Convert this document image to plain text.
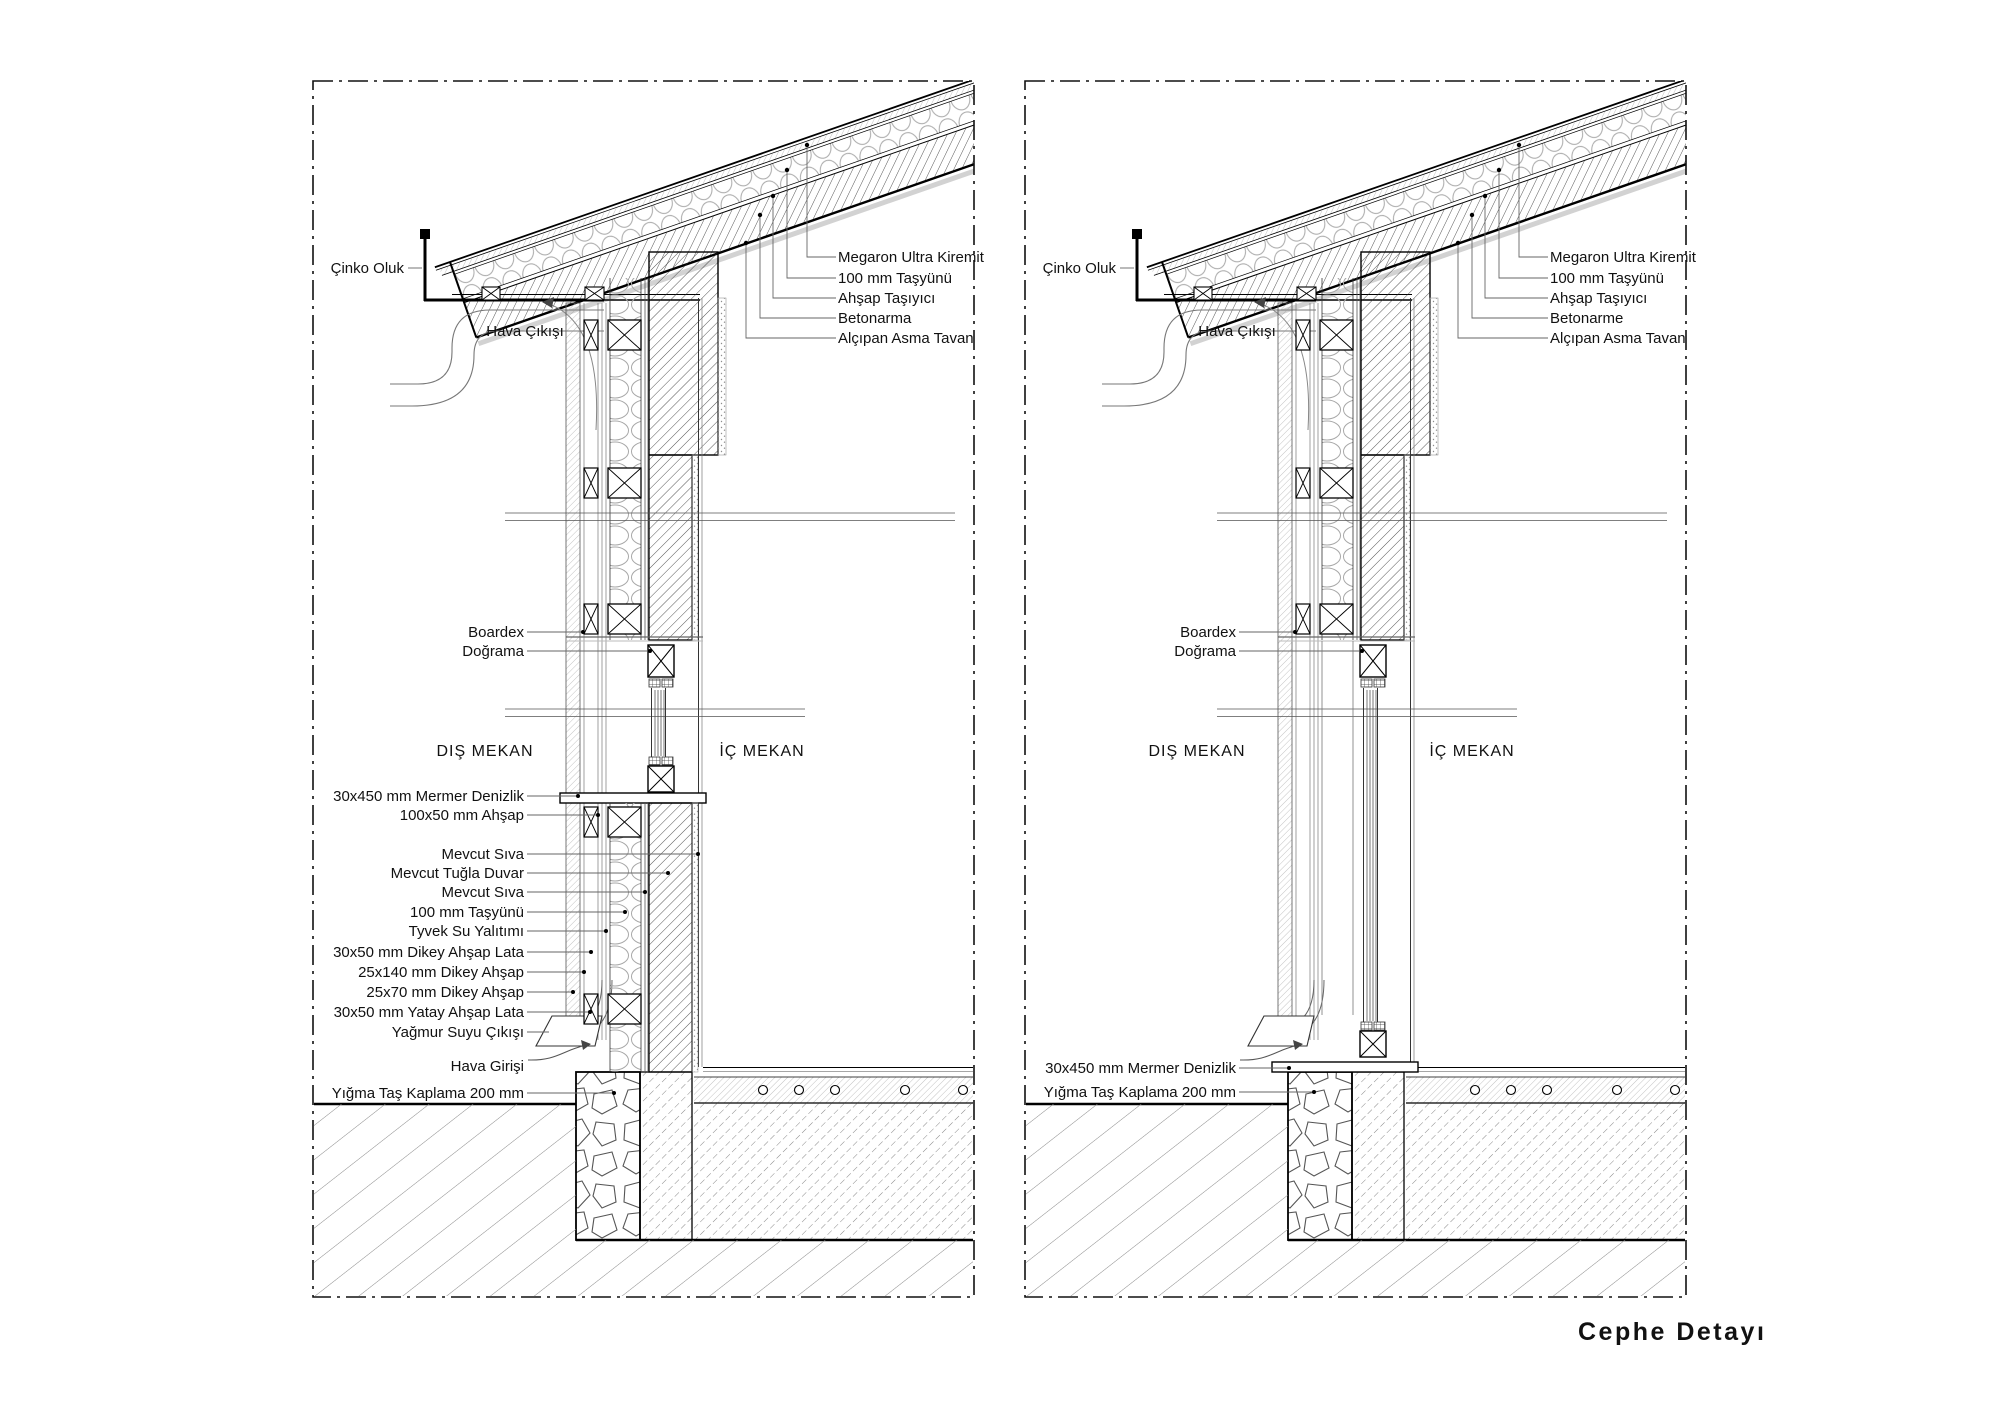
Çinko Oluk
Hava Çıkışı
Megaron Ultra Kiremit
100 mm Taşyünü
Ahşap Taşıyıcı
Betonarma
Alçıpan Asma Tavan
Boardex
Doğrama
DIŞ MEKAN	İÇ MEKAN
30x450 mm Mermer Denizlik
100x50 mm Ahşap
Mevcut Sıva
Mevcut Tuğla Duvar
Mevcut Sıva
100 mm Taşyünü
Tyvek Su Yalıtımı
30x50 mm Dikey Ahşap Lata
25x140 mm Dikey Ahşap
25x70 mm Dikey Ahşap
30x50 mm Yatay Ahşap Lata
Yağmur Suyu Çıkışı
Hava Girişi
Yığma Taş Kaplama 200 mm
Çinko Oluk
Hava Çıkışı
Megaron Ultra Kiremit
100 mm Taşyünü
Ahşap Taşıyıcı
Betonarme
Alçıpan Asma Tavan
Boardex
Doğrama
DIŞ MEKAN	İÇ MEKAN
30x450 mm Mermer Denizlik
Yığma Taş Kaplama 200 mm
Cephe Detayı
